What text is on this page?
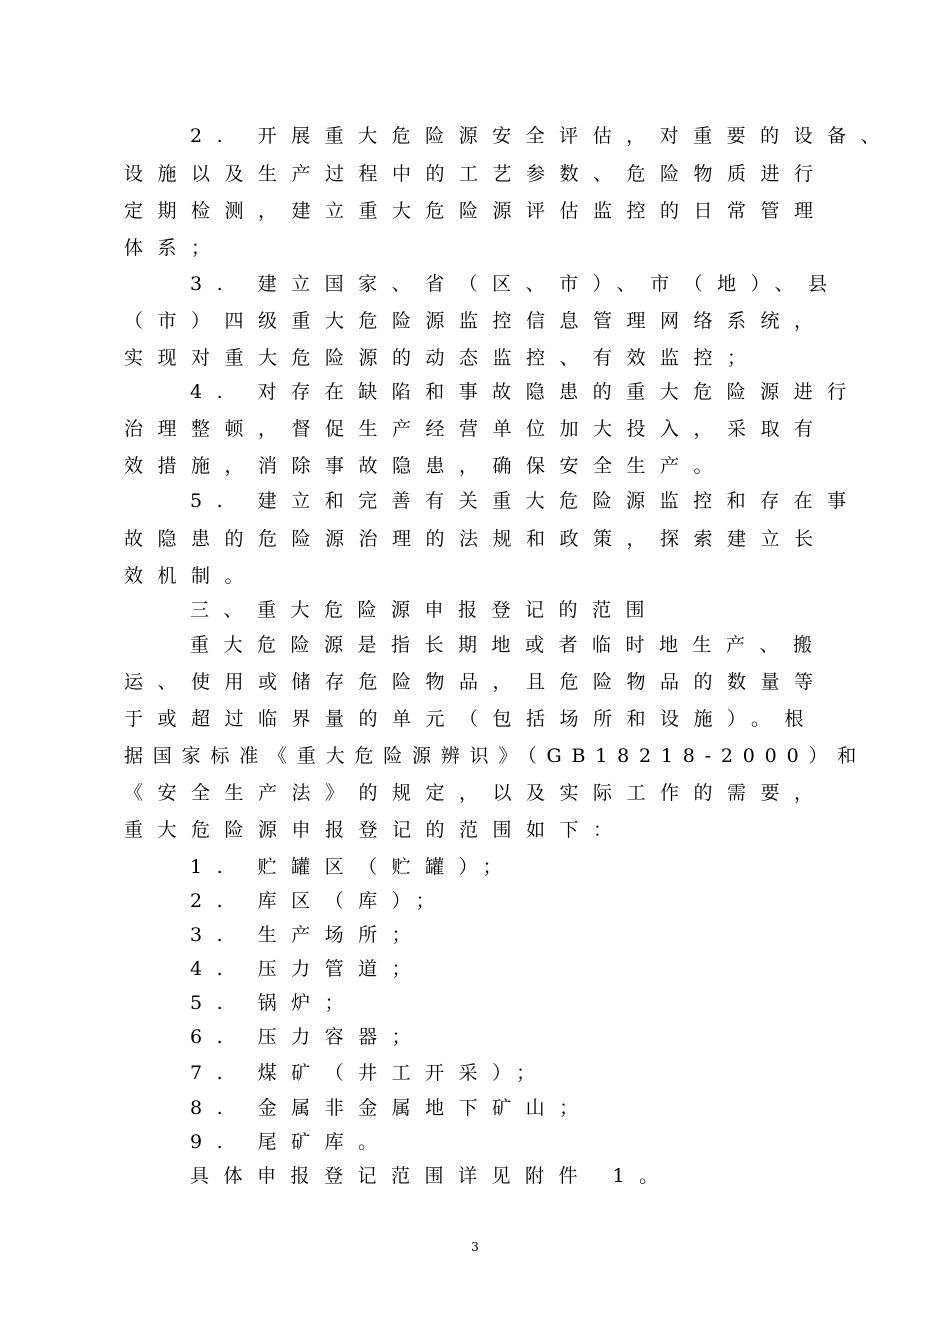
2. 开展重大危险源安全评估，对重要的设备、
设施以及生产过程中的工艺参数、危险物质进行
定期检测，建立重大危险源评估监控的日常管理
体系；
3. 建立国家、省（区、市）、市（地）、县
（市）四级重大危险源监控信息管理网络系统，
实现对重大危险源的动态监控、有效监控；
4. 对存在缺陷和事故隐患的重大危险源进行
治理整顿，督促生产经营单位加大投入，采取有
效措施，消除事故隐患，确保安全生产。
5. 建立和完善有关重大危险源监控和存在事
故隐患的危险源治理的法规和政策，探索建立长
效机制。
三、重大危险源申报登记的范围
重大危险源是指长期地或者临时地生产、搬
运、使用或储存危险物品，且危险物品的数量等
于或超过临界量的单元（包括场所和设施）。根
据国家标准《重大危险源辨识》（GB18218-2000）和
《安全生产法》的规定，以及实际工作的需要，
重大危险源申报登记的范围如下：
1. 贮罐区（贮罐）；
2. 库区（库）；
3. 生产场所；
4. 压力管道；
5. 锅炉；
6. 压力容器；
7. 煤矿（井工开采）；
8. 金属非金属地下矿山；
9. 尾矿库。
具体申报登记范围详见附件 1。
3
